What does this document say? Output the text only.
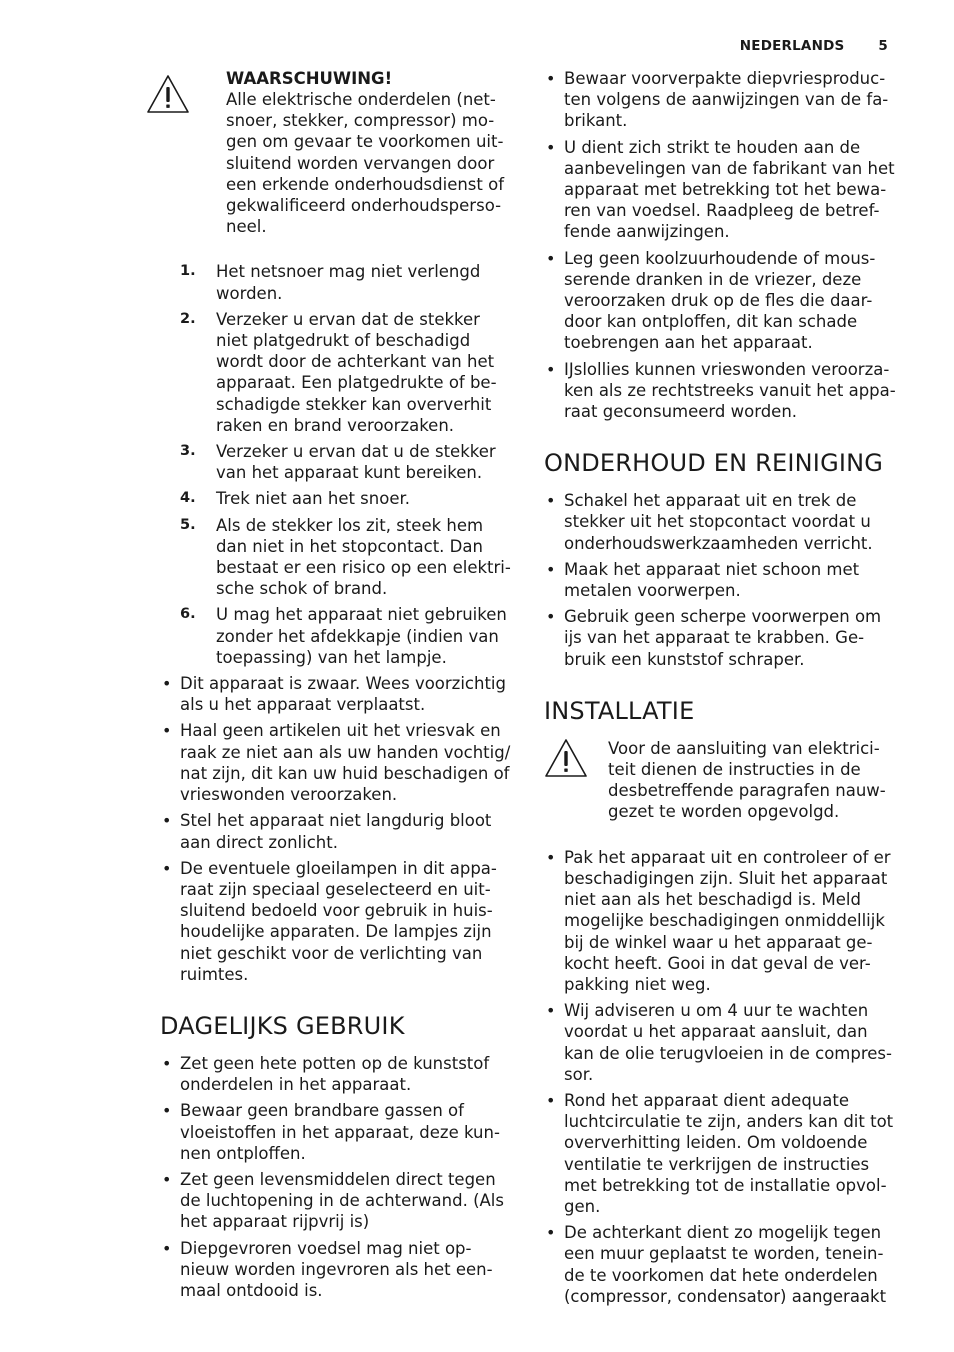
NEDERLANDS	5
WAARSCHUWING!
Alle elektrische onderdelen (net-snoer, stekker, compressor) mo-gen om gevaar te voorkomen uit-sluitend worden vervangen door een erkende onderhoudsdienst of gekwalificeerd onderhoudsperso-neel.
1. Het netsnoer mag niet verlengd worden.
2. Verzeker u ervan dat de stekker niet platgedrukt of beschadigd wordt door de achterkant van het apparaat. Een platgedrukte of be-schadigde stekker kan oververhit raken en brand veroorzaken.
3. Verzeker u ervan dat u de stekker van het apparaat kunt bereiken.
4. Trek niet aan het snoer.
5. Als de stekker los zit, steek hem dan niet in het stopcontact. Dan bestaat er een risico op een elektri-sche schok of brand.
6. U mag het apparaat niet gebruiken zonder het afdekkapje (indien van toepassing) van het lampje.
• Dit apparaat is zwaar. Wees voorzichtig als u het apparaat verplaatst.
• Haal geen artikelen uit het vriesvak en raak ze niet aan als uw handen vochtig/ nat zijn, dit kan uw huid beschadigen of vrieswonden veroorzaken.
• Stel het apparaat niet langdurig bloot aan direct zonlicht.
• De eventuele gloeilampen in dit appa-raat zijn speciaal geselecteerd en uit-sluitend bedoeld voor gebruik in huis-houdelijke apparaten. De lampjes zijn niet geschikt voor de verlichting van ruimtes.
DAGELIJKS GEBRUIK
• Zet geen hete potten op de kunststof onderdelen in het apparaat.
• Bewaar geen brandbare gassen of vloeistoffen in het apparaat, deze kun-nen ontploffen.
• Zet geen levensmiddelen direct tegen de luchtopening in de achterwand. (Als het apparaat rijpvrij is)
• Diepgevroren voedsel mag niet op-nieuw worden ingevroren als het een-maal ontdooid is.
• Bewaar voorverpakte diepvriesproduc-ten volgens de aanwijzingen van de fa-brikant.
• U dient zich strikt te houden aan de aanbevelingen van de fabrikant van het apparaat met betrekking tot het bewa-ren van voedsel. Raadpleeg de betref-fende aanwijzingen.
• Leg geen koolzuurhoudende of mous-serende dranken in de vriezer, deze veroorzaken druk op de fles die daar-door kan ontploffen, dit kan schade toebrengen aan het apparaat.
• IJslollies kunnen vrieswonden veroorza-ken als ze rechtstreeks vanuit het appa-raat geconsumeerd worden.
ONDERHOUD EN REINIGING
• Schakel het apparaat uit en trek de stekker uit het stopcontact voordat u onderhoudswerkzaamheden verricht.
• Maak het apparaat niet schoon met metalen voorwerpen.
• Gebruik geen scherpe voorwerpen om ijs van het apparaat te krabben. Ge-bruik een kunststof schraper.
INSTALLATIE
Voor de aansluiting van elektrici-teit dienen de instructies in de desbetreffende paragrafen nauw-gezet te worden opgevolgd.
• Pak het apparaat uit en controleer of er beschadigingen zijn. Sluit het apparaat niet aan als het beschadigd is. Meld mogelijke beschadigingen onmiddellijk bij de winkel waar u het apparaat ge-kocht heeft. Gooi in dat geval de ver-pakking niet weg.
• Wij adviseren u om 4 uur te wachten voordat u het apparaat aansluit, dan kan de olie terugvloeien in de compres-sor.
• Rond het apparaat dient adequate luchtcirculatie te zijn, anders kan dit tot oververhitting leiden. Om voldoende ventilatie te verkrijgen de instructies met betrekking tot de installatie opvol-gen.
• De achterkant dient zo mogelijk tegen een muur geplaatst te worden, tenein-de te voorkomen dat hete onderdelen (compressor, condensator) aangeraakt
